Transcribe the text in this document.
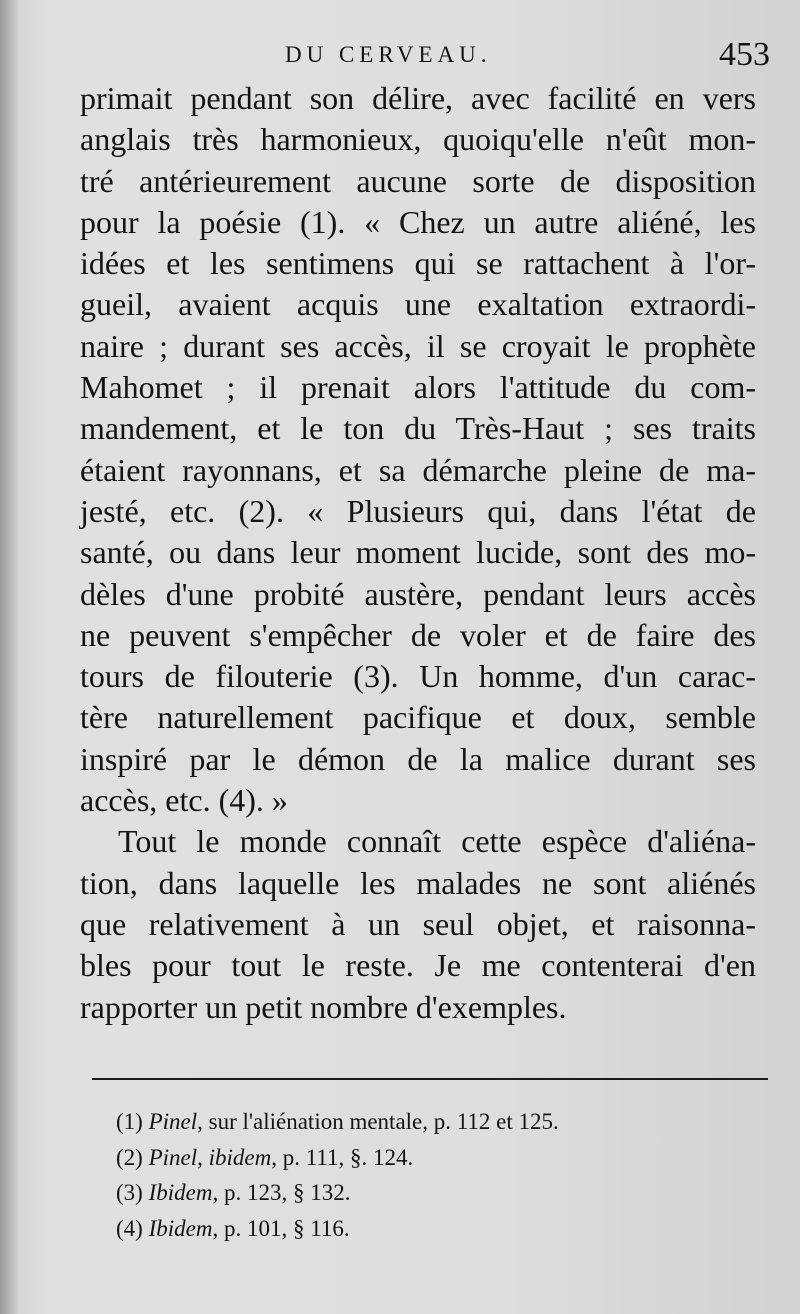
DU CERVEAU.	453
primait pendant son délire, avec facilité en vers
anglais très harmonieux, quoiqu'elle n'eût mon-
tré antérieurement aucune sorte de disposition
pour la poésie (1). « Chez un autre aliéné, les
idées et les sentimens qui se rattachent à l'or-
gueil, avaient acquis une exaltation extraordi-
naire ; durant ses accès, il se croyait le prophète
Mahomet ; il prenait alors l'attitude du com-
mandement, et le ton du Très-Haut ; ses traits
étaient rayonnans, et sa démarche pleine de ma-
jesté, etc. (2). « Plusieurs qui, dans l'état de
santé, ou dans leur moment lucide, sont des mo-
dèles d'une probité austère, pendant leurs accès
ne peuvent s'empêcher de voler et de faire des
tours de filouterie (3). Un homme, d'un carac-
tère naturellement pacifique et doux, semble
inspiré par le démon de la malice durant ses
accès, etc. (4). »
Tout le monde connaît cette espèce d'aliéna-
tion, dans laquelle les malades ne sont aliénés
que relativement à un seul objet, et raisonna-
bles pour tout le reste. Je me contenterai d'en
rapporter un petit nombre d'exemples.
(1) Pinel, sur l'aliénation mentale, p. 112 et 125.
(2) Pinel, ibidem, p. 111, §. 124.
(3) Ibidem, p. 123, § 132.
(4) Ibidem, p. 101, § 116.
